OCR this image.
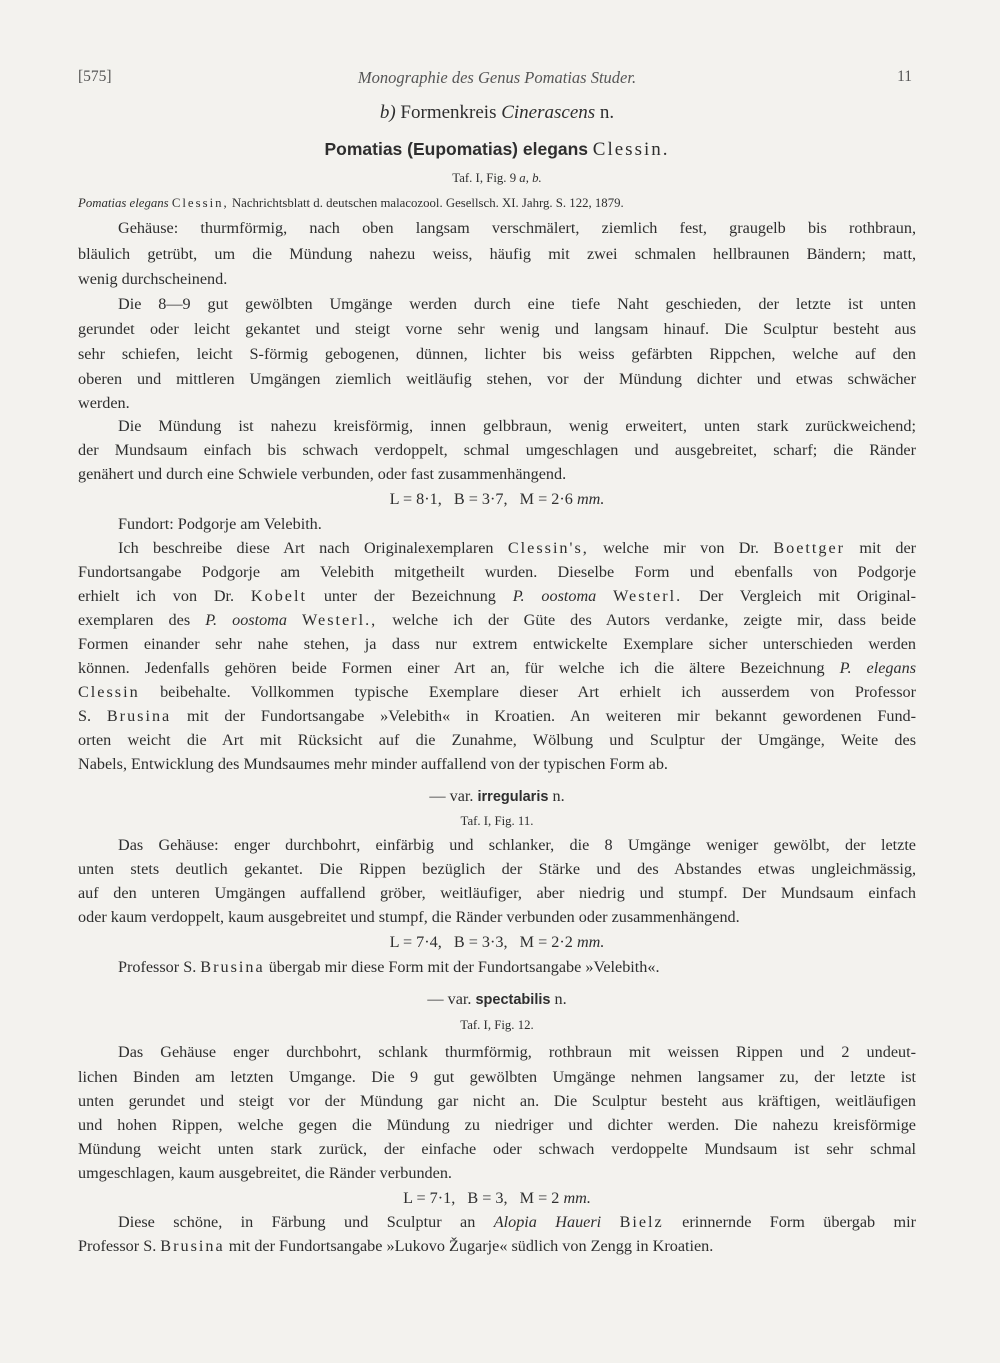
[575]	Monographie des Genus Pomatias Studer.	11
b) Formenkreis Cinerascens n.
Pomatias (Eupomatias) elegans Clessin.
Taf. I, Fig. 9 a, b.
Pomatias elegans Clessin, Nachrichtsblatt d. deutschen malacozool. Gesellsch. XI. Jahrg. S. 122, 1879.
Gehäuse: thurmförmig, nach oben langsam verschmälert, ziemlich fest, graugelb bis rothbraun,
bläulich getrübt, um die Mündung nahezu weiss, häufig mit zwei schmalen hellbraunen Bändern; matt,
wenig durchscheinend.
Die 8—9 gut gewölbten Umgänge werden durch eine tiefe Naht geschieden, der letzte ist unten
gerundet oder leicht gekantet und steigt vorne sehr wenig und langsam hinauf. Die Sculptur besteht aus
sehr schiefen, leicht S-förmig gebogenen, dünnen, lichter bis weiss gefärbten Rippchen, welche auf den
oberen und mittleren Umgängen ziemlich weitläufig stehen, vor der Mündung dichter und etwas schwächer
werden.
Die Mündung ist nahezu kreisförmig, innen gelbbraun, wenig erweitert, unten stark zurückweichend;
der Mundsaum einfach bis schwach verdoppelt, schmal umgeschlagen und ausgebreitet, scharf; die Ränder
genähert und durch eine Schwiele verbunden, oder fast zusammenhängend.
L = 8·1,   B = 3·7,   M = 2·6 mm.
Fundort: Podgorje am Velebith.
Ich beschreibe diese Art nach Originalexemplaren Clessin's, welche mir von Dr. Boettger mit der
Fundortsangabe Podgorje am Velebith mitgetheilt wurden. Dieselbe Form und ebenfalls von Podgorje
erhielt ich von Dr. Kobelt unter der Bezeichnung P. oostoma Westerl. Der Vergleich mit Original-
exemplaren des P. oostoma Westerl., welche ich der Güte des Autors verdanke, zeigte mir, dass beide
Formen einander sehr nahe stehen, ja dass nur extrem entwickelte Exemplare sicher unterschieden werden
können. Jedenfalls gehören beide Formen einer Art an, für welche ich die ältere Bezeichnung P. elegans
Clessin beibehalte. Vollkommen typische Exemplare dieser Art erhielt ich ausserdem von Professor
S. Brusina mit der Fundortsangabe »Velebith« in Kroatien. An weiteren mir bekannt gewordenen Fund-
orten weicht die Art mit Rücksicht auf die Zunahme, Wölbung und Sculptur der Umgänge, Weite des
Nabels, Entwicklung des Mundsaumes mehr minder auffallend von der typischen Form ab.
— var. irregularis n.
Taf. I, Fig. 11.
Das Gehäuse: enger durchbohrt, einfärbig und schlanker, die 8 Umgänge weniger gewölbt, der letzte
unten stets deutlich gekantet. Die Rippen bezüglich der Stärke und des Abstandes etwas ungleichmässig,
auf den unteren Umgängen auffallend gröber, weitläufiger, aber niedrig und stumpf. Der Mundsaum einfach
oder kaum verdoppelt, kaum ausgebreitet und stumpf, die Ränder verbunden oder zusammenhängend.
L = 7·4,   B = 3·3,   M = 2·2 mm.
Professor S. Brusina übergab mir diese Form mit der Fundortsangabe »Velebith«.
— var. spectabilis n.
Taf. I, Fig. 12.
Das Gehäuse enger durchbohrt, schlank thurmförmig, rothbraun mit weissen Rippen und 2 undeut-
lichen Binden am letzten Umgange. Die 9 gut gewölbten Umgänge nehmen langsamer zu, der letzte ist
unten gerundet und steigt vor der Mündung gar nicht an. Die Sculptur besteht aus kräftigen, weitläufigen
und hohen Rippen, welche gegen die Mündung zu niedriger und dichter werden. Die nahezu kreisförmige
Mündung weicht unten stark zurück, der einfache oder schwach verdoppelte Mundsaum ist sehr schmal
umgeschlagen, kaum ausgebreitet, die Ränder verbunden.
L = 7·1,   B = 3,   M = 2 mm.
Diese schöne, in Färbung und Sculptur an Alopia Haueri Bielz erinnernde Form übergab mir
Professor S. Brusina mit der Fundortsangabe »Lukovo Žugarje« südlich von Zengg in Kroatien.
